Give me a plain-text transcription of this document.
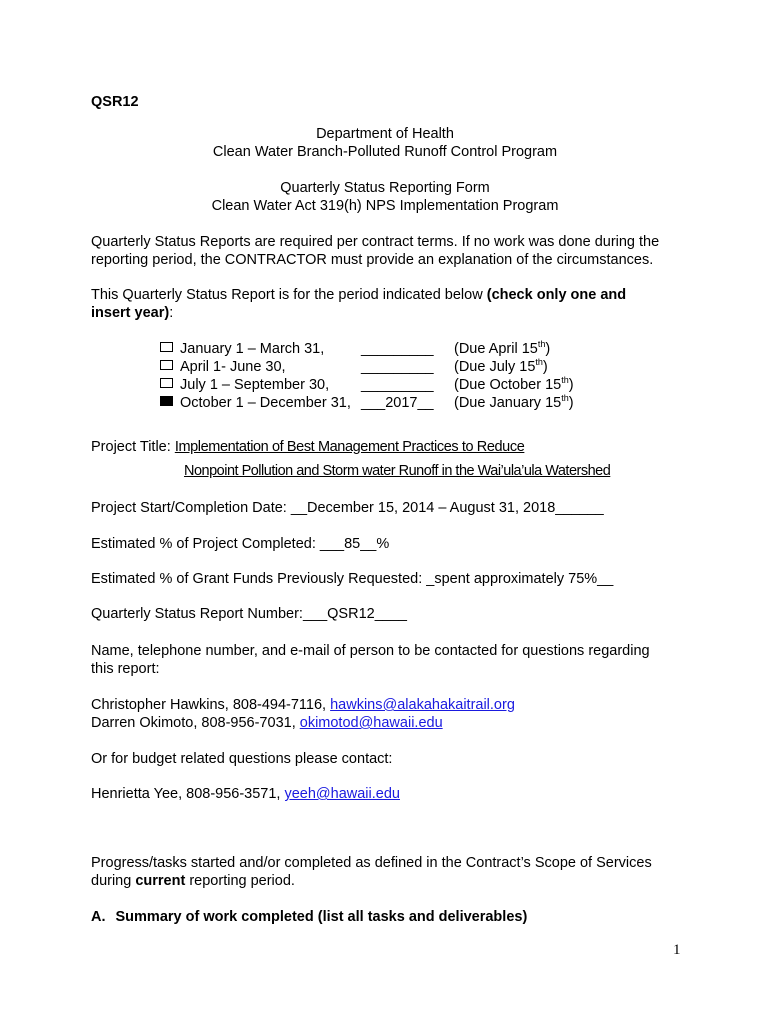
QSR12
Department of Health
Clean Water Branch-Polluted Runoff Control Program
Quarterly Status Reporting Form
Clean Water Act 319(h) NPS Implementation Program
Quarterly Status Reports are required per contract terms. If no work was done during the
reporting period, the CONTRACTOR must provide an explanation of the circumstances.
This Quarterly Status Report is for the period indicated below (check only one and
insert year):
January 1 – March 31,	_________ (Due April 15th)
April 1- June 30,	_________ (Due July 15th)
July 1 – September 30, _________ (Due October 15th)
October 1 – December 31, ___2017__ (Due January 15th)
Project Title: Implementation of Best Management Practices to Reduce
Nonpoint Pollution and Storm water Runoff in the Wai’ula’ula Watershed
Project Start/Completion Date: __December 15, 2014 – August 31, 2018______
Estimated % of Project Completed: ___85__%
Estimated % of Grant Funds Previously Requested: _spent approximately 75%__
Quarterly Status Report Number:___QSR12____
Name, telephone number, and e-mail of person to be contacted for questions regarding
this report:
Christopher Hawkins, 808-494-7116, hawkins@alakahakaitrail.org
Darren Okimoto, 808-956-7031, okimotod@hawaii.edu
Or for budget related questions please contact:
Henrietta Yee, 808-956-3571, yeeh@hawaii.edu
Progress/tasks started and/or completed as defined in the Contract’s Scope of Services
during current reporting period.
A. Summary of work completed (list all tasks and deliverables)
1
